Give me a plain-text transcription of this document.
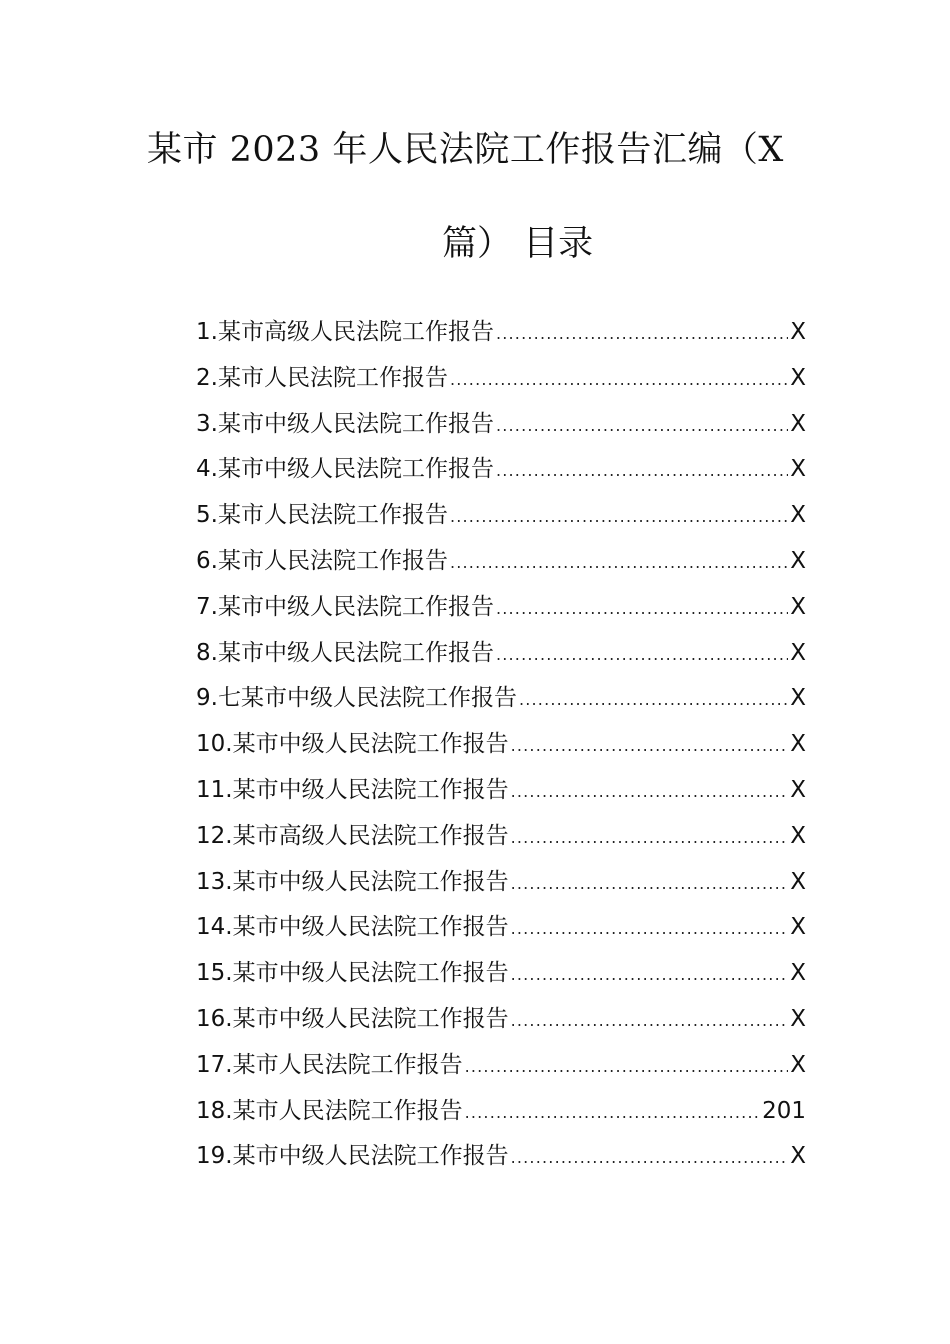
某市 2023 年人民法院工作报告汇编（X
篇） 目录
1. 某市高级人民法院工作报告 .....	X
2. 某市人民法院工作报告 .....	X
3. 某市中级人民法院工作报告 .....	X
4. 某市中级人民法院工作报告 .....	X
5. 某市人民法院工作报告 .....	X
6. 某市人民法院工作报告 .....	X
7. 某市中级人民法院工作报告 .....	X
8. 某市中级人民法院工作报告 .....	X
9. 七某市中级人民法院工作报告 .....	X
10. 某市中级人民法院工作报告 .....	X
11. 某市中级人民法院工作报告 .....	X
12. 某市高级人民法院工作报告 .....	X
13. 某市中级人民法院工作报告 .....	X
14. 某市中级人民法院工作报告 .....	X
15. 某市中级人民法院工作报告 .....	X
16. 某市中级人民法院工作报告 .....	X
17. 某市人民法院工作报告 .....	X
18. 某市人民法院工作报告 .....	201
19. 某市中级人民法院工作报告 .....	X
